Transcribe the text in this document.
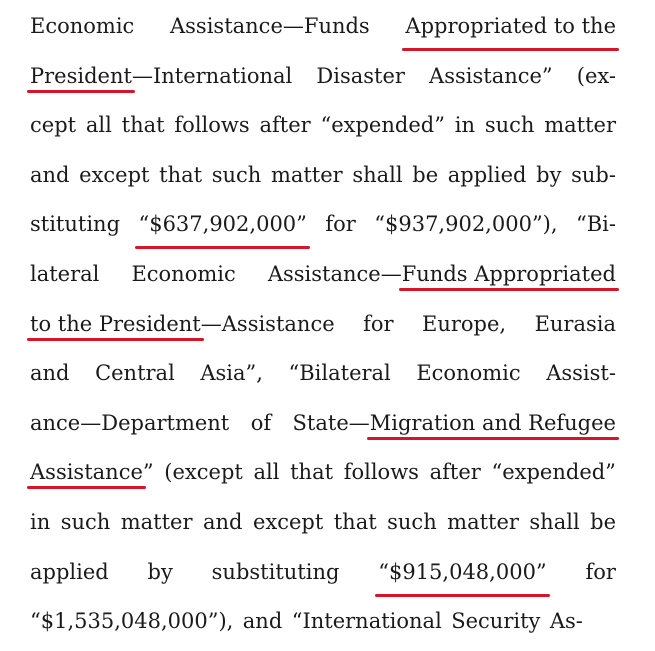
Economic Assistance—Funds Appropriated to the
President—International Disaster Assistance” (ex-
cept all that follows after “expended” in such matter
and except that such matter shall be applied by sub-
stituting “$637,902,000” for “$937,902,000”), “Bi-
lateral Economic Assistance—Funds Appropriated
to the President—Assistance for Europe, Eurasia
and Central Asia”, “Bilateral Economic Assist-
ance—Department of State—Migration and Refugee
Assistance” (except all that follows after “expended”
in such matter and except that such matter shall be
applied by substituting “$915,048,000” for
“$1,535,048,000”), and “International Security As-
